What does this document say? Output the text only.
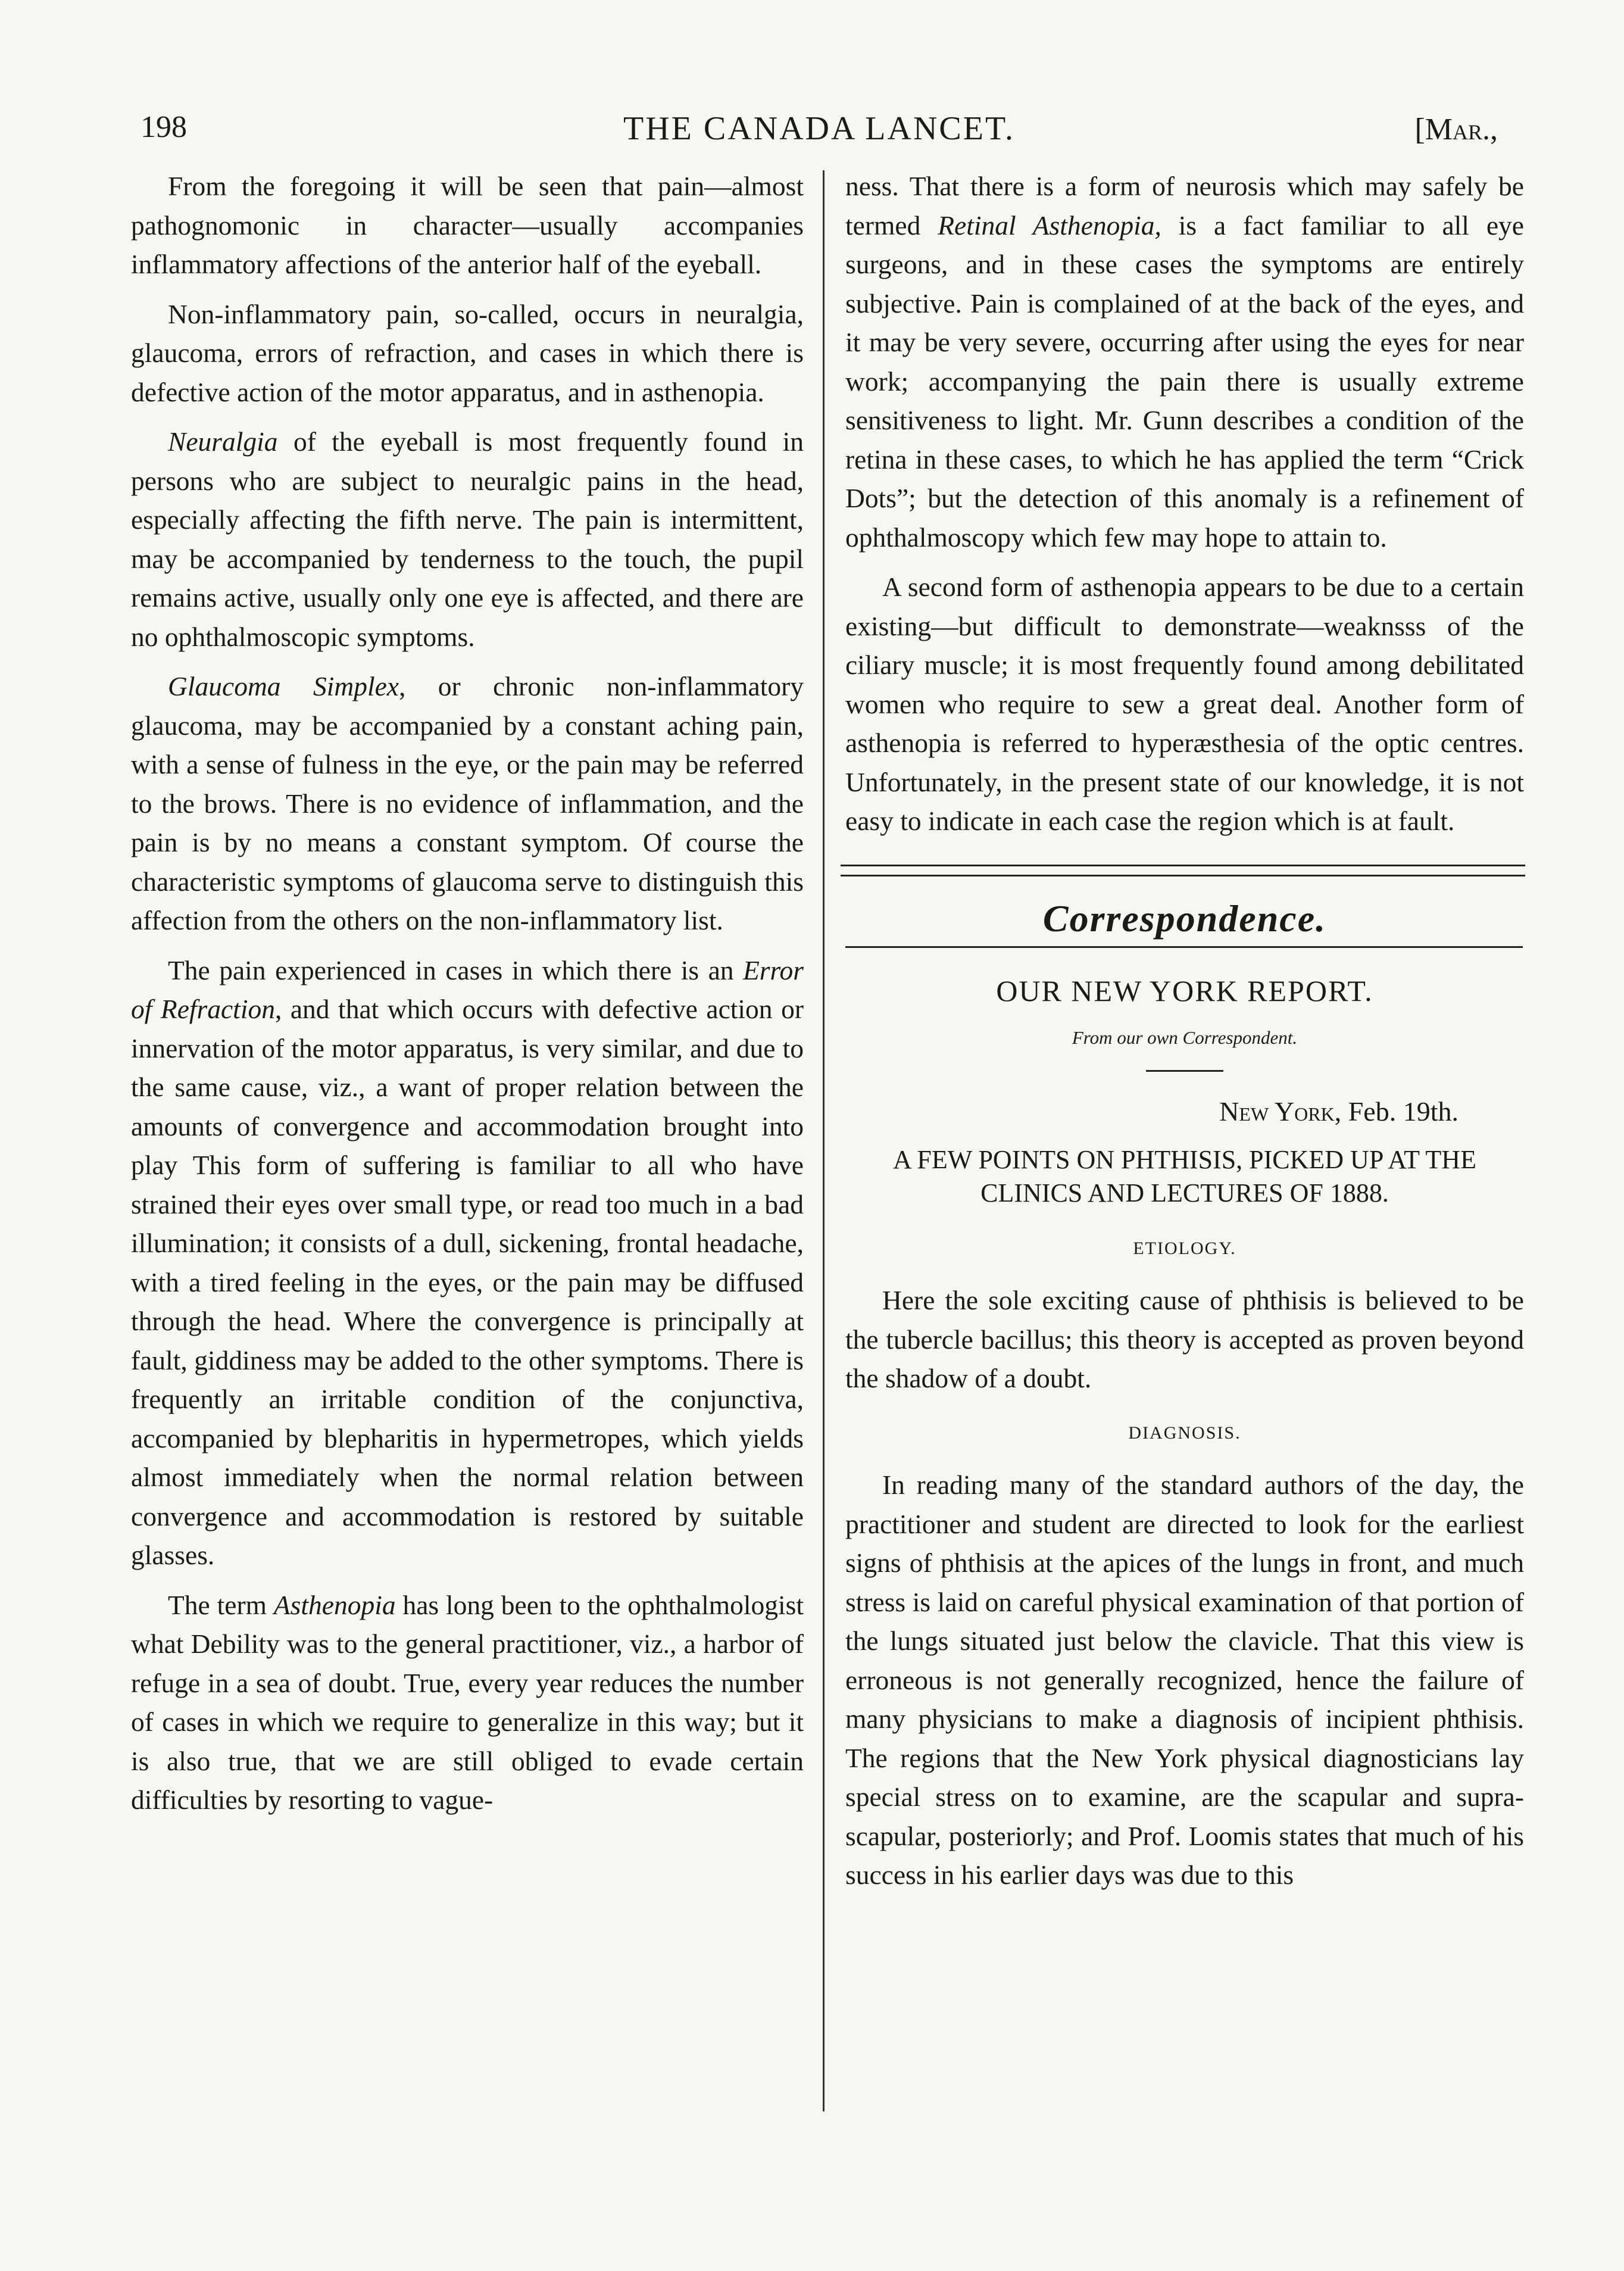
198	THE CANADA LANCET.	[Mar.,

From the foregoing it will be seen that pain—almost pathognomonic in character—usually accompanies inflammatory affections of the anterior half of the eyeball.

Non-inflammatory pain, so-called, occurs in neuralgia, glaucoma, errors of refraction, and cases in which there is defective action of the motor apparatus, and in asthenopia.

Neuralgia of the eyeball is most frequently found in persons who are subject to neuralgic pains in the head, especially affecting the fifth nerve. The pain is intermittent, may be accompanied by tenderness to the touch, the pupil remains active, usually only one eye is affected, and there are no ophthalmoscopic symptoms.

Glaucoma Simplex, or chronic non-inflammatory glaucoma, may be accompanied by a constant aching pain, with a sense of fulness in the eye, or the pain may be referred to the brows. There is no evidence of inflammation, and the pain is by no means a constant symptom. Of course the characteristic symptoms of glaucoma serve to distinguish this affection from the others on the non-inflammatory list.

The pain experienced in cases in which there is an Error of Refraction, and that which occurs with defective action or innervation of the motor apparatus, is very similar, and due to the same cause, viz., a want of proper relation between the amounts of convergence and accommodation brought into play This form of suffering is familiar to all who have strained their eyes over small type, or read too much in a bad illumination; it consists of a dull, sickening, frontal headache, with a tired feeling in the eyes, or the pain may be diffused through the head. Where the convergence is principally at fault, giddiness may be added to the other symptoms. There is frequently an irritable condition of the conjunctiva, accompanied by blepharitis in hypermetropes, which yields almost immediately when the normal relation between convergence and accommodation is restored by suitable glasses.

The term Asthenopia has long been to the ophthalmologist what Debility was to the general practitioner, viz., a harbor of refuge in a sea of doubt. True, every year reduces the number of cases in which we require to generalize in this way; but it is also true, that we are still obliged to evade certain difficulties by resorting to vague-

ness. That there is a form of neurosis which may safely be termed Retinal Asthenopia, is a fact familiar to all eye surgeons, and in these cases the symptoms are entirely subjective. Pain is complained of at the back of the eyes, and it may be very severe, occurring after using the eyes for near work; accompanying the pain there is usually extreme sensitiveness to light. Mr. Gunn describes a condition of the retina in these cases, to which he has applied the term “Crick Dots”; but the detection of this anomaly is a refinement of ophthalmoscopy which few may hope to attain to.

A second form of asthenopia appears to be due to a certain existing—but difficult to demonstrate—weaknsss of the ciliary muscle; it is most frequently found among debilitated women who require to sew a great deal. Another form of asthenopia is referred to hyperæsthesia of the optic centres. Unfortunately, in the present state of our knowledge, it is not easy to indicate in each case the region which is at fault.

Correspondence.
OUR NEW YORK REPORT.
From our own Correspondent.
New York, Feb. 19th.
A FEW POINTS ON PHTHISIS, PICKED UP AT THE CLINICS AND LECTURES OF 1888.
ETIOLOGY.

Here the sole exciting cause of phthisis is believed to be the tubercle bacillus; this theory is accepted as proven beyond the shadow of a doubt.

DIAGNOSIS.

In reading many of the standard authors of the day, the practitioner and student are directed to look for the earliest signs of phthisis at the apices of the lungs in front, and much stress is laid on careful physical examination of that portion of the lungs situated just below the clavicle. That this view is erroneous is not generally recognized, hence the failure of many physicians to make a diagnosis of incipient phthisis. The regions that the New York physical diagnosticians lay special stress on to examine, are the scapular and supra-scapular, posteriorly; and Prof. Loomis states that much of his success in his earlier days was due to this
